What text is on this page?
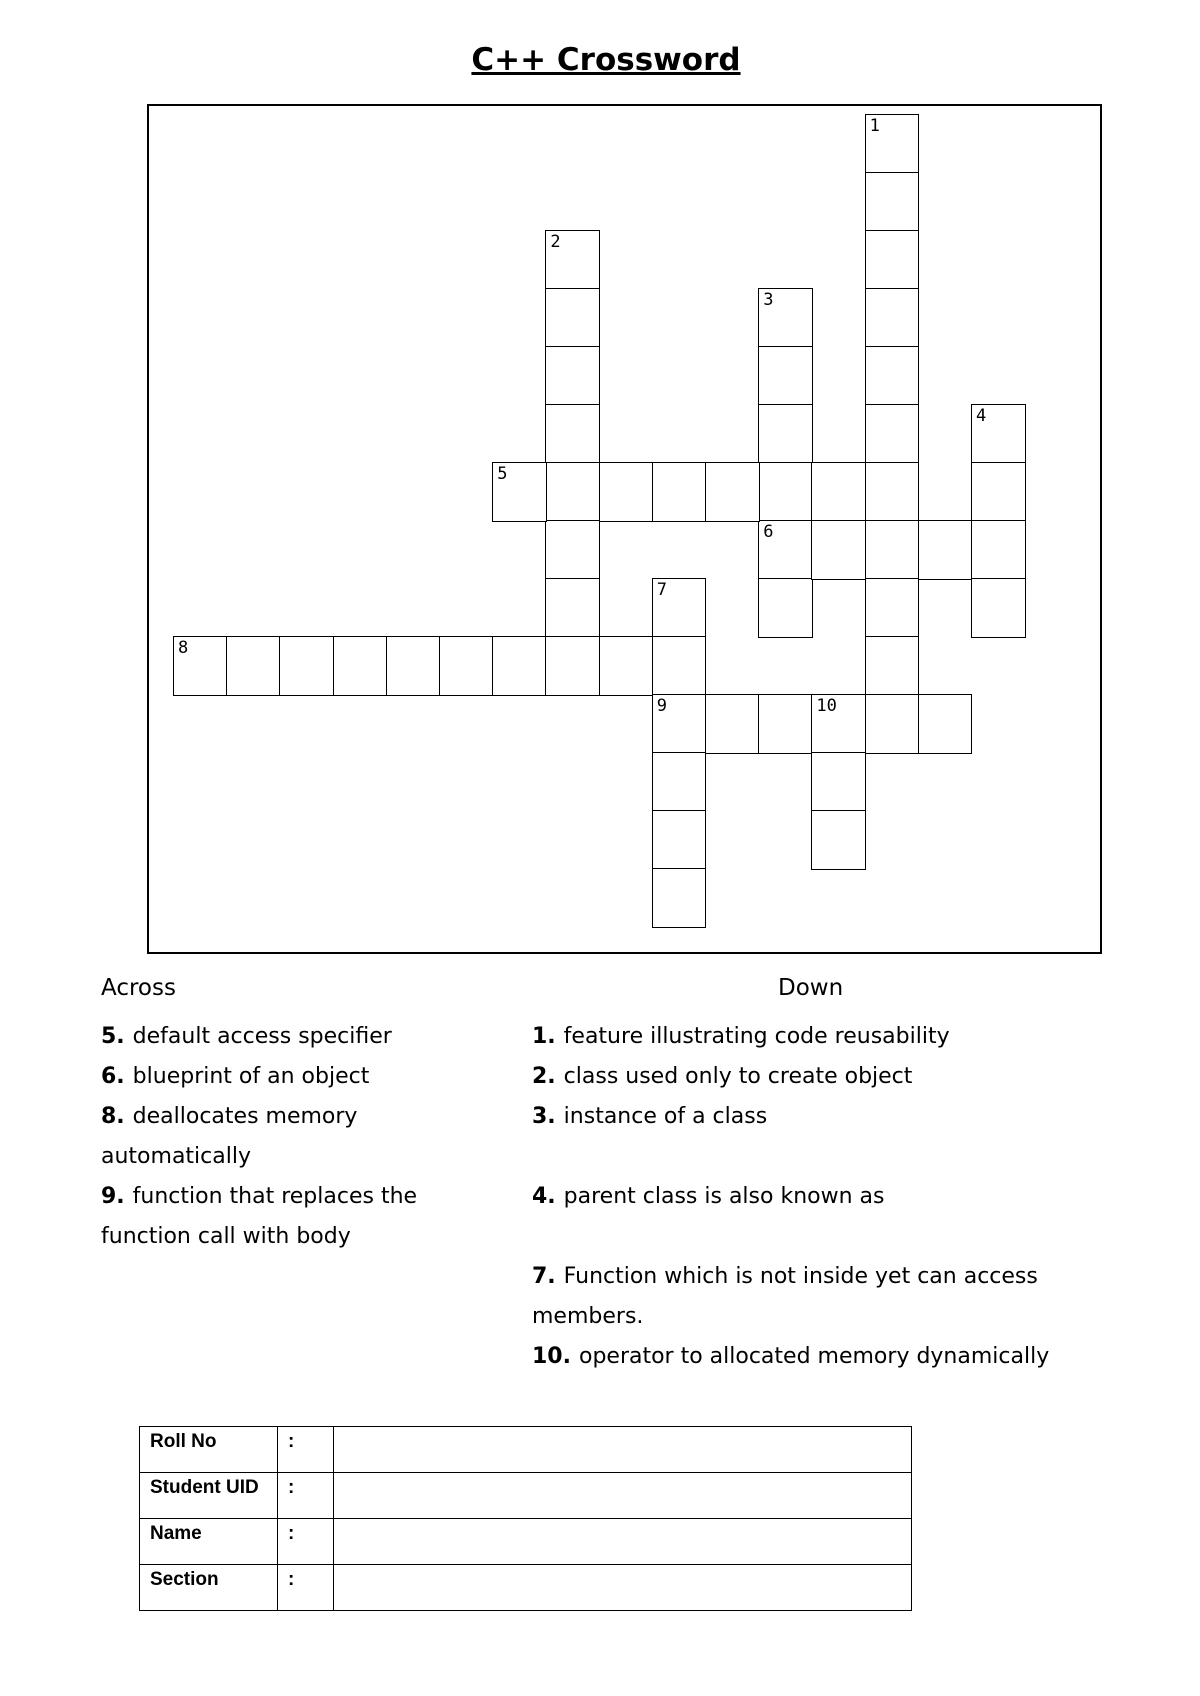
C++ Crossword
1
2
3
6
4
5
7
9
8
10
Across	Down

5. default access specifier

6. blueprint of an object

8. deallocates memory automatically

9. function that replaces the function call with body

1. feature illustrating code reusability

2. class used only to create object

3. instance of a class

4. parent class is also known as

7. Function which is not inside yet can access members.

10. operator to allocated memory dynamically

Roll No	:	
Student UID	:	
Name	:	
Section	:	
